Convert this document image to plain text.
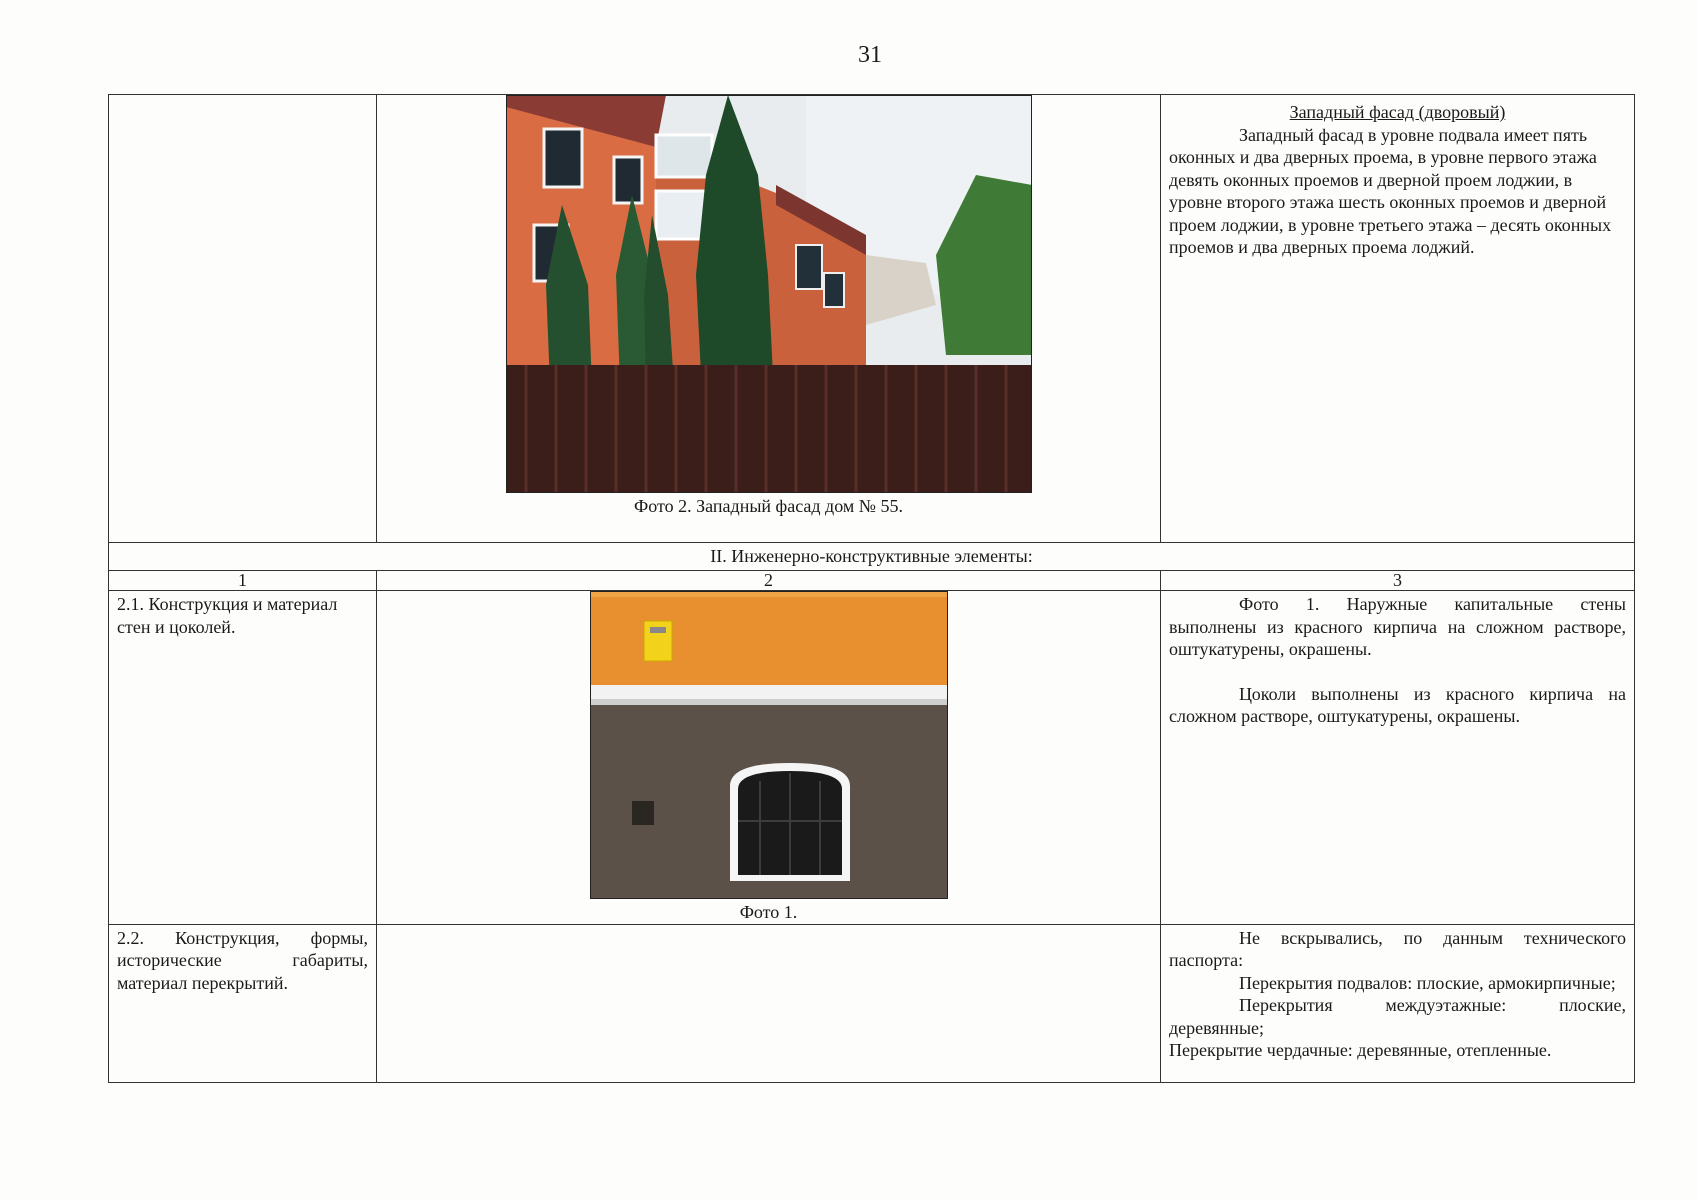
31

	Фото 2. Западный фасад дом № 55.	Западный фасад (дворовый)

Западный фасад в уровне подвала имеет пять оконных и два дверных проема, в уровне первого этажа девять оконных проемов и дверной проем лоджии, в уровне второго этажа шесть оконных проемов и дверной проем лоджии, в уровне третьего этажа – десять оконных проемов и два дверных проема лоджий.

II. Инженерно-конструктивные элементы:		
1	2	3
2.1. Конструкция и материал стен и цоколей.	Фото 1.	Фото 1. Наружные капитальные стены выполнены из красного кирпича на сложном растворе, оштукатурены, окрашены.

Цоколи выполнены из красного кирпича на сложном растворе, оштукатурены, окрашены.

2.2. Конструкция, формы, исторические габариты, материал перекрытий.		Не вскрывались, по данным технического паспорта:

Перекрытия подвалов: плоские, армокирпичные;

Перекрытия междуэтажные: плоские, деревянные;

Перекрытие чердачные: деревянные, отепленные.
